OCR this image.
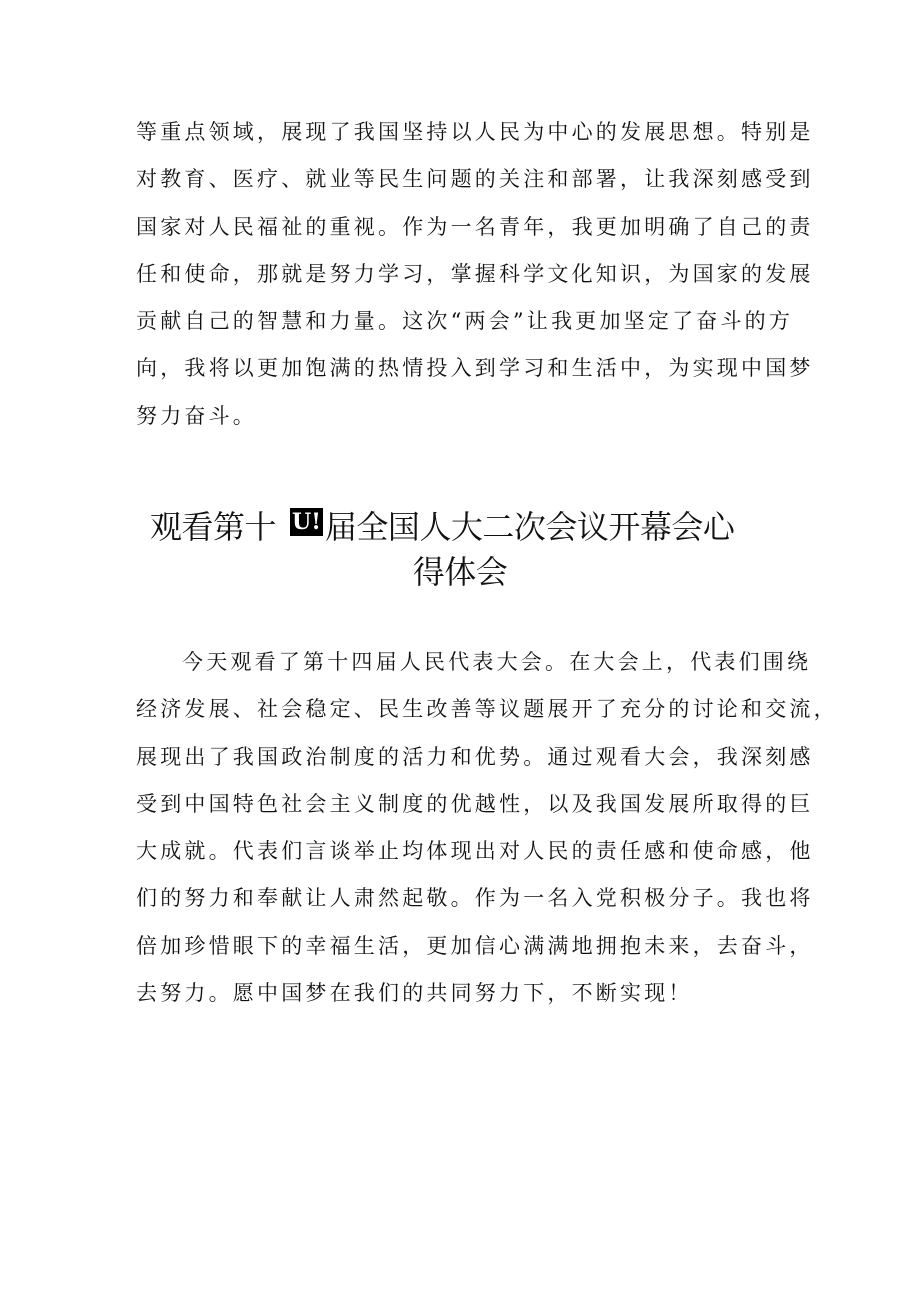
等重点领域，展现了我国坚持以人民为中心的发展思想。特别是
对教育、医疗、就业等民生问题的关注和部署，让我深刻感受到
国家对人民福祉的重视。作为一名青年，我更加明确了自己的责
任和使命，那就是努力学习，掌握科学文化知识，为国家的发展
贡献自己的智慧和力量。这次“两会”让我更加坚定了奋斗的方
向，我将以更加饱满的热情投入到学习和生活中，为实现中国梦
努力奋斗。
观看第十 U! 届全国人大二次会议开幕会心
得体会
今天观看了第十四届人民代表大会。在大会上，代表们围绕
经济发展、社会稳定、民生改善等议题展开了充分的讨论和交流，
展现出了我国政治制度的活力和优势。通过观看大会，我深刻感
受到中国特色社会主义制度的优越性，以及我国发展所取得的巨
大成就。代表们言谈举止均体现出对人民的责任感和使命感，他
们的努力和奉献让人肃然起敬。作为一名入党积极分子。我也将
倍加珍惜眼下的幸福生活，更加信心满满地拥抱未来，去奋斗，
去努力。愿中国梦在我们的共同努力下，不断实现！
